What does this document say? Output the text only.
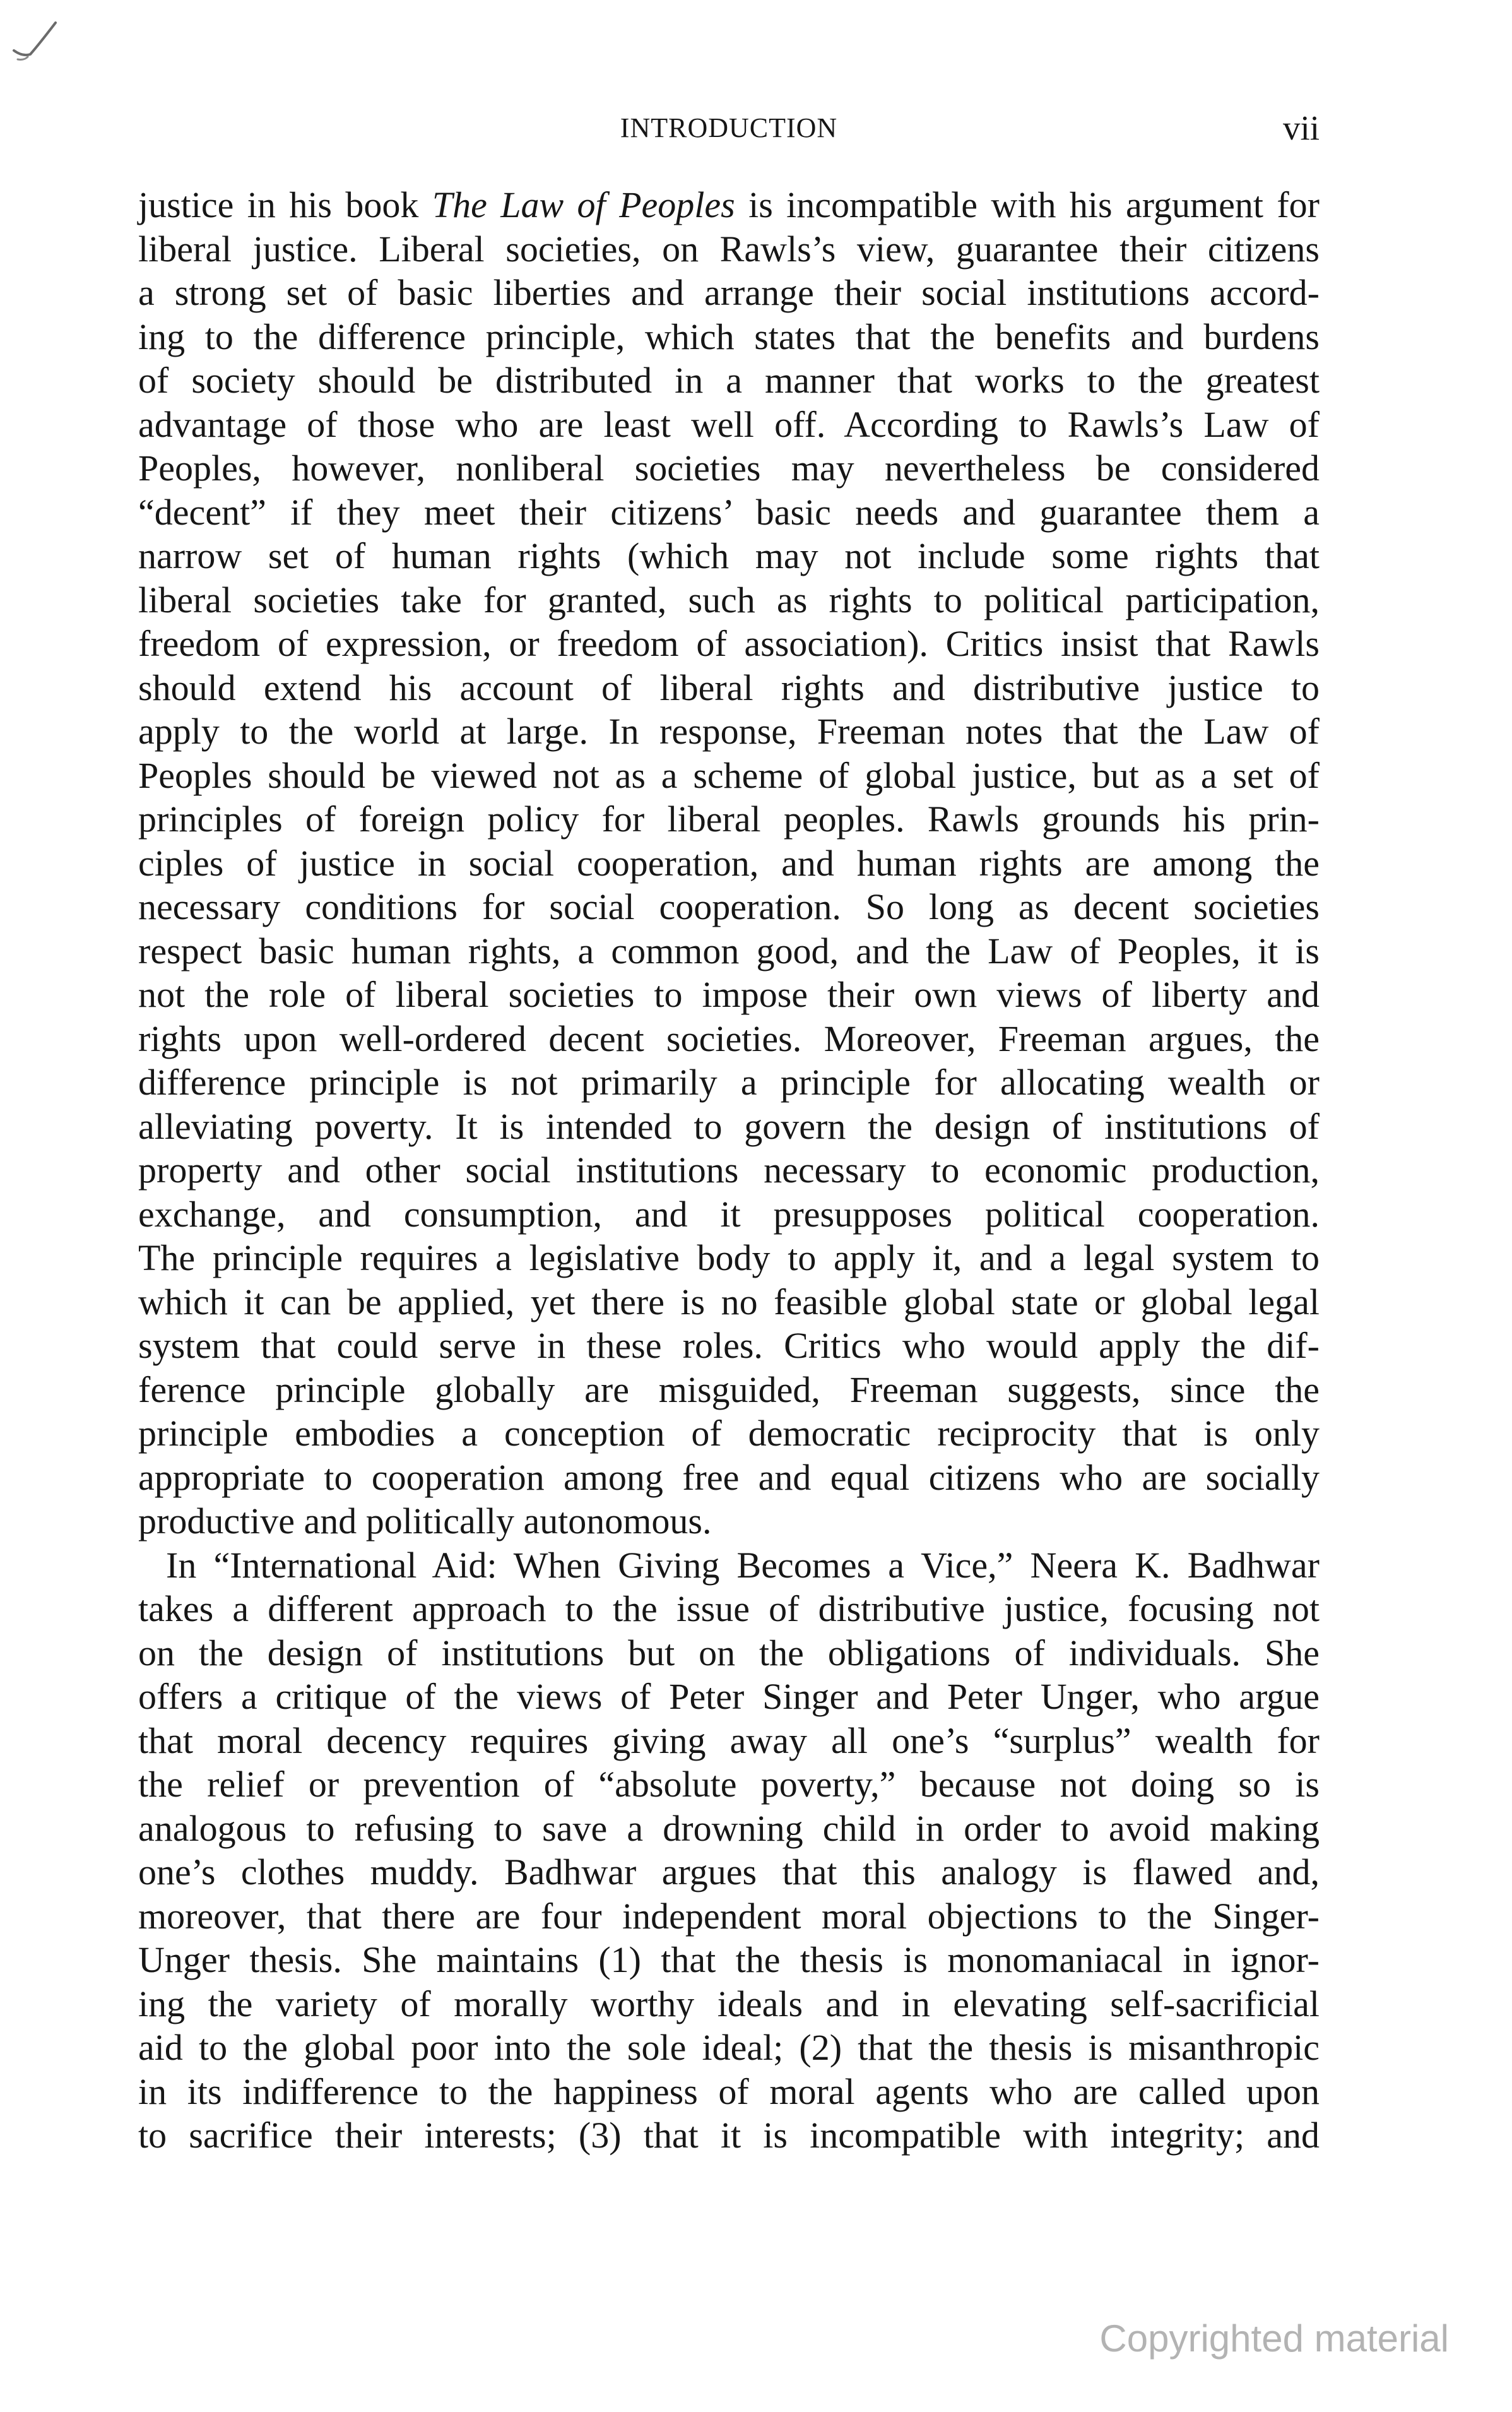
INTRODUCTION	vii
justice in his book The Law of Peoples is incompatible with his argument for
liberal justice. Liberal societies, on Rawls’s view, guarantee their citizens
a strong set of basic liberties and arrange their social institutions accord-
ing to the difference principle, which states that the benefits and burdens
of society should be distributed in a manner that works to the greatest
advantage of those who are least well off. According to Rawls’s Law of
Peoples, however, nonliberal societies may nevertheless be considered
“decent” if they meet their citizens’ basic needs and guarantee them a
narrow set of human rights (which may not include some rights that
liberal societies take for granted, such as rights to political participation,
freedom of expression, or freedom of association). Critics insist that Rawls
should extend his account of liberal rights and distributive justice to
apply to the world at large. In response, Freeman notes that the Law of
Peoples should be viewed not as a scheme of global justice, but as a set of
principles of foreign policy for liberal peoples. Rawls grounds his prin-
ciples of justice in social cooperation, and human rights are among the
necessary conditions for social cooperation. So long as decent societies
respect basic human rights, a common good, and the Law of Peoples, it is
not the role of liberal societies to impose their own views of liberty and
rights upon well-ordered decent societies. Moreover, Freeman argues, the
difference principle is not primarily a principle for allocating wealth or
alleviating poverty. It is intended to govern the design of institutions of
property and other social institutions necessary to economic production,
exchange, and consumption, and it presupposes political cooperation.
The principle requires a legislative body to apply it, and a legal system to
which it can be applied, yet there is no feasible global state or global legal
system that could serve in these roles. Critics who would apply the dif-
ference principle globally are misguided, Freeman suggests, since the
principle embodies a conception of democratic reciprocity that is only
appropriate to cooperation among free and equal citizens who are socially
productive and politically autonomous.
In “International Aid: When Giving Becomes a Vice,” Neera K. Badhwar
takes a different approach to the issue of distributive justice, focusing not
on the design of institutions but on the obligations of individuals. She
offers a critique of the views of Peter Singer and Peter Unger, who argue
that moral decency requires giving away all one’s “surplus” wealth for
the relief or prevention of “absolute poverty,” because not doing so is
analogous to refusing to save a drowning child in order to avoid making
one’s clothes muddy. Badhwar argues that this analogy is flawed and,
moreover, that there are four independent moral objections to the Singer-
Unger thesis. She maintains (1) that the thesis is monomaniacal in ignor-
ing the variety of morally worthy ideals and in elevating self-sacrificial
aid to the global poor into the sole ideal; (2) that the thesis is misanthropic
in its indifference to the happiness of moral agents who are called upon
to sacrifice their interests; (3) that it is incompatible with integrity; and
Copyrighted material
